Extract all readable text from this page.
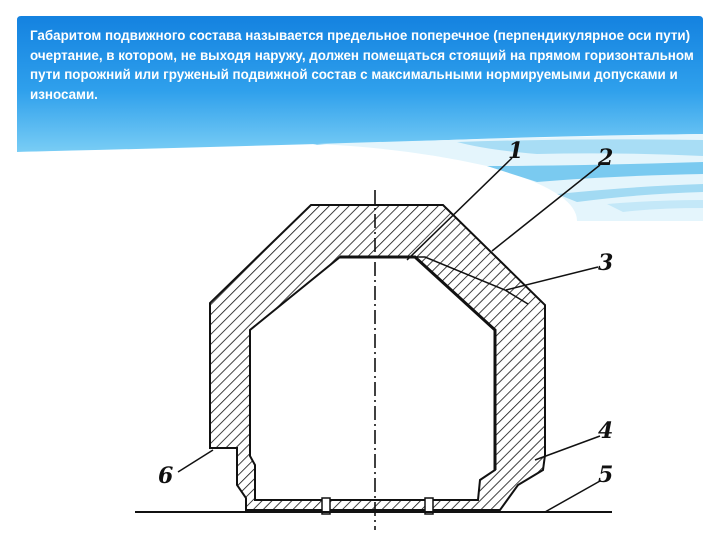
Габаритом подвижного состава называется предельное поперечное (перпендикулярное оси пути) очертание, в котором, не выходя наружу, должен помещаться стоящий на прямом горизонтальном пути порожний или груженый подвижной состав с максимальными нормируемыми допусками и износами.

1	2
3
4
5
6
